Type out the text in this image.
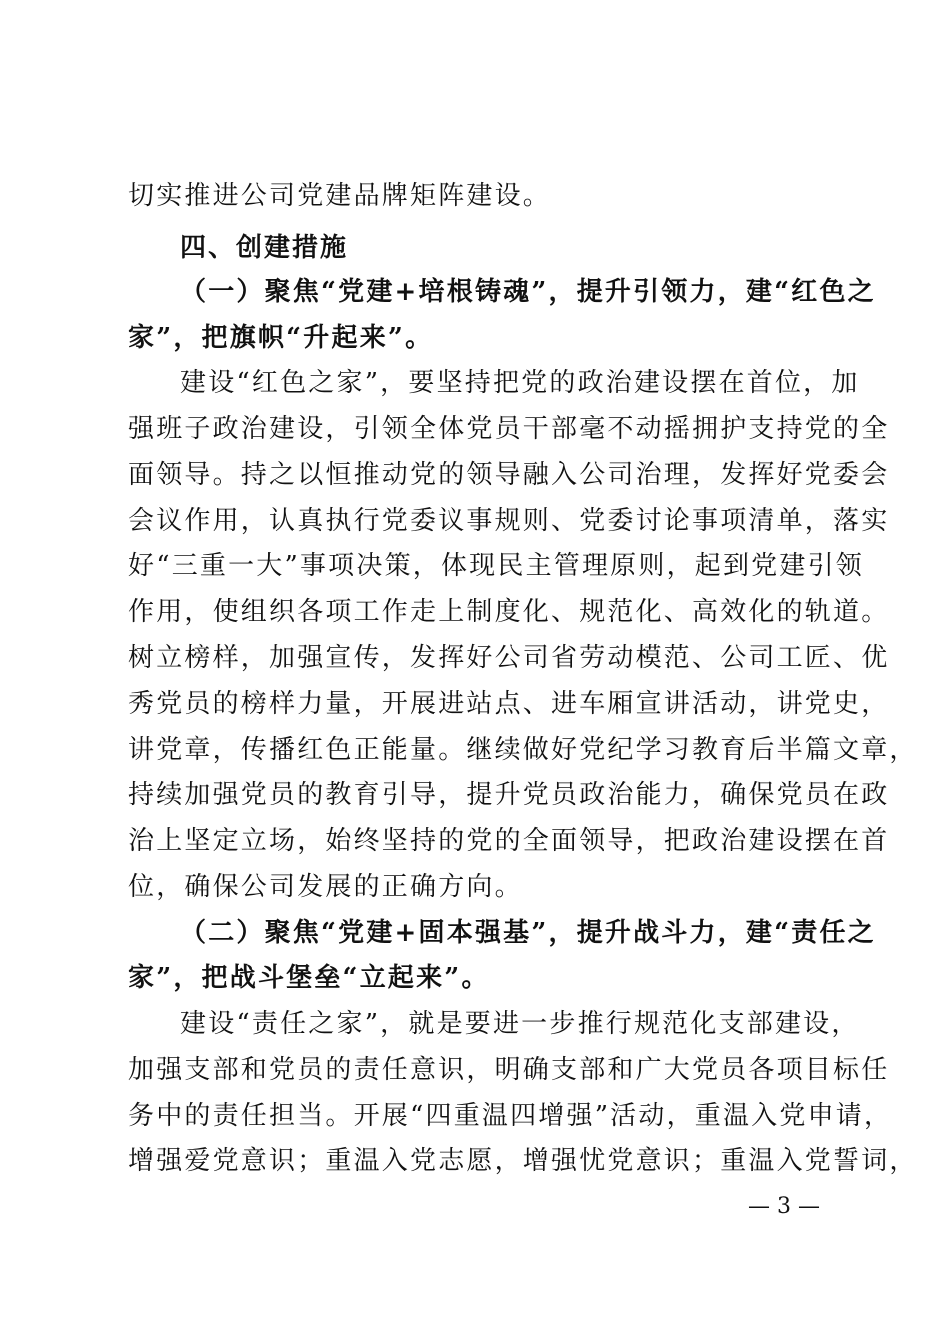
切实推进公司党建品牌矩阵建设。
四、创建措施
（一）聚焦“党建+培根铸魂”，提升引领力，建“红色之
家”，把旗帜“升起来”。
建设“红色之家”，要坚持把党的政治建设摆在首位，加
强班子政治建设，引领全体党员干部毫不动摇拥护支持党的全
面领导。持之以恒推动党的领导融入公司治理，发挥好党委会
会议作用，认真执行党委议事规则、党委讨论事项清单，落实
好“三重一大”事项决策，体现民主管理原则，起到党建引领
作用，使组织各项工作走上制度化、规范化、高效化的轨道。
树立榜样，加强宣传，发挥好公司省劳动模范、公司工匠、优
秀党员的榜样力量，开展进站点、进车厢宣讲活动，讲党史，
讲党章，传播红色正能量。继续做好党纪学习教育后半篇文章，
持续加强党员的教育引导，提升党员政治能力，确保党员在政
治上坚定立场，始终坚持的党的全面领导，把政治建设摆在首
位，确保公司发展的正确方向。
（二）聚焦“党建+固本强基”，提升战斗力，建“责任之
家”，把战斗堡垒“立起来”。
建设“责任之家”，就是要进一步推行规范化支部建设，
加强支部和党员的责任意识，明确支部和广大党员各项目标任
务中的责任担当。开展“四重温四增强”活动，重温入党申请，
增强爱党意识；重温入党志愿，增强忧党意识；重温入党誓词，
— 3 —
